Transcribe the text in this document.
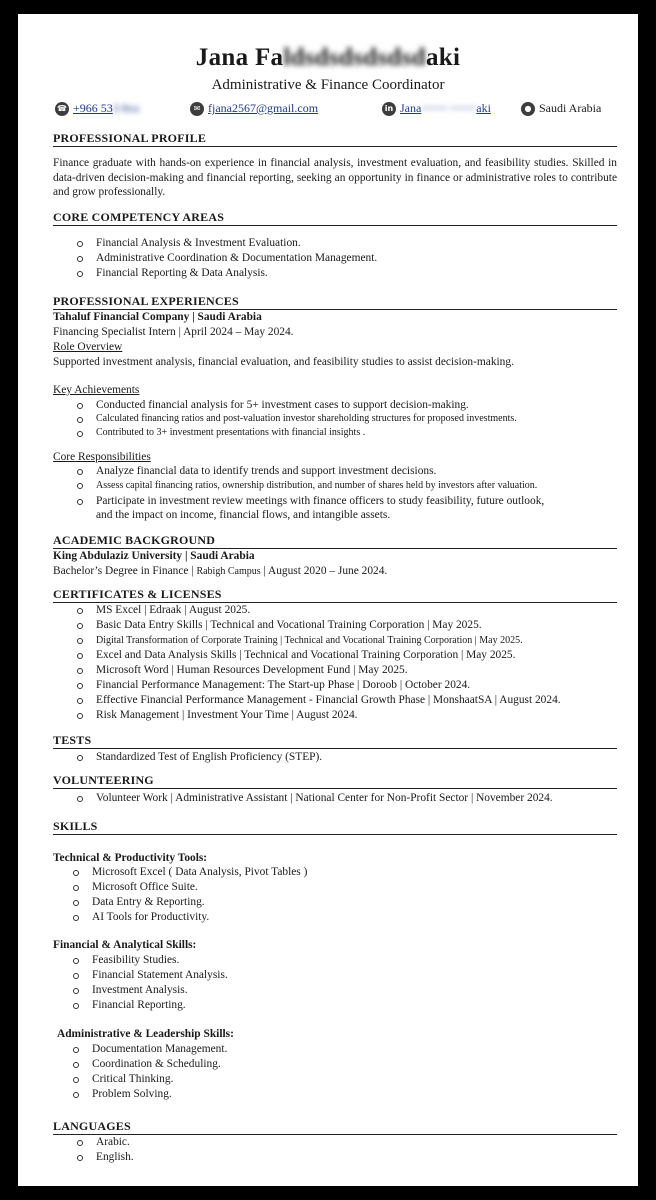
Jana Faldsdsdsdsdsdaki
Administrative & Finance Coordinator
☎ +966 533 8xx	✉ fjana2567@gmail.com	in Jana~~~~ ~~~~aki	● Saudi Arabia
PROFESSIONAL PROFILE
Finance graduate with hands-on experience in financial analysis, investment evaluation, and feasibility studies. Skilled in data-driven decision-making and financial reporting, seeking an opportunity in finance or administrative roles to contribute and grow professionally.
CORE COMPETENCY AREAS
Financial Analysis & Investment Evaluation.
Administrative Coordination & Documentation Management.
Financial Reporting & Data Analysis.
PROFESSIONAL EXPERIENCES
Tahaluf Financial Company | Saudi Arabia
Financing Specialist Intern | April 2024 – May 2024.
Role Overview
Supported investment analysis, financial evaluation, and feasibility studies to assist decision-making.
Key Achievements
Conducted financial analysis for 5+ investment cases to support decision-making.
Calculated financing ratios and post-valuation investor shareholding structures for proposed investments.
Contributed to 3+ investment presentations with financial insights .
Core Responsibilities
Analyze financial data to identify trends and support investment decisions.
Assess capital financing ratios, ownership distribution, and number of shares held by investors after valuation.
Participate in investment review meetings with finance officers to study feasibility, future outlook,
and the impact on income, financial flows, and intangible assets.
ACADEMIC BACKGROUND
King Abdulaziz University | Saudi Arabia
Bachelor’s Degree in Finance | Rabigh Campus | August 2020 – June 2024.
CERTIFICATES & LICENSES
MS Excel | Edraak | August 2025.
Basic Data Entry Skills | Technical and Vocational Training Corporation | May 2025.
Digital Transformation of Corporate Training | Technical and Vocational Training Corporation | May 2025.
Excel and Data Analysis Skills | Technical and Vocational Training Corporation | May 2025.
Microsoft Word | Human Resources Development Fund | May 2025.
Financial Performance Management: The Start-up Phase | Doroob | October 2024.
Effective Financial Performance Management - Financial Growth Phase | MonshaatSA | August 2024.
Risk Management | Investment Your Time | August 2024.
TESTS
Standardized Test of English Proficiency (STEP).
VOLUNTEERING
Volunteer Work | Administrative Assistant | National Center for Non-Profit Sector | November 2024.
SKILLS
Technical & Productivity Tools:
Microsoft Excel ( Data Analysis, Pivot Tables )
Microsoft Office Suite.
Data Entry & Reporting.
AI Tools for Productivity.
Financial & Analytical Skills:
Feasibility Studies.
Financial Statement Analysis.
Investment Analysis.
Financial Reporting.
Administrative & Leadership Skills:
Documentation Management.
Coordination & Scheduling.
Critical Thinking.
Problem Solving.
LANGUAGES
Arabic.
English.
